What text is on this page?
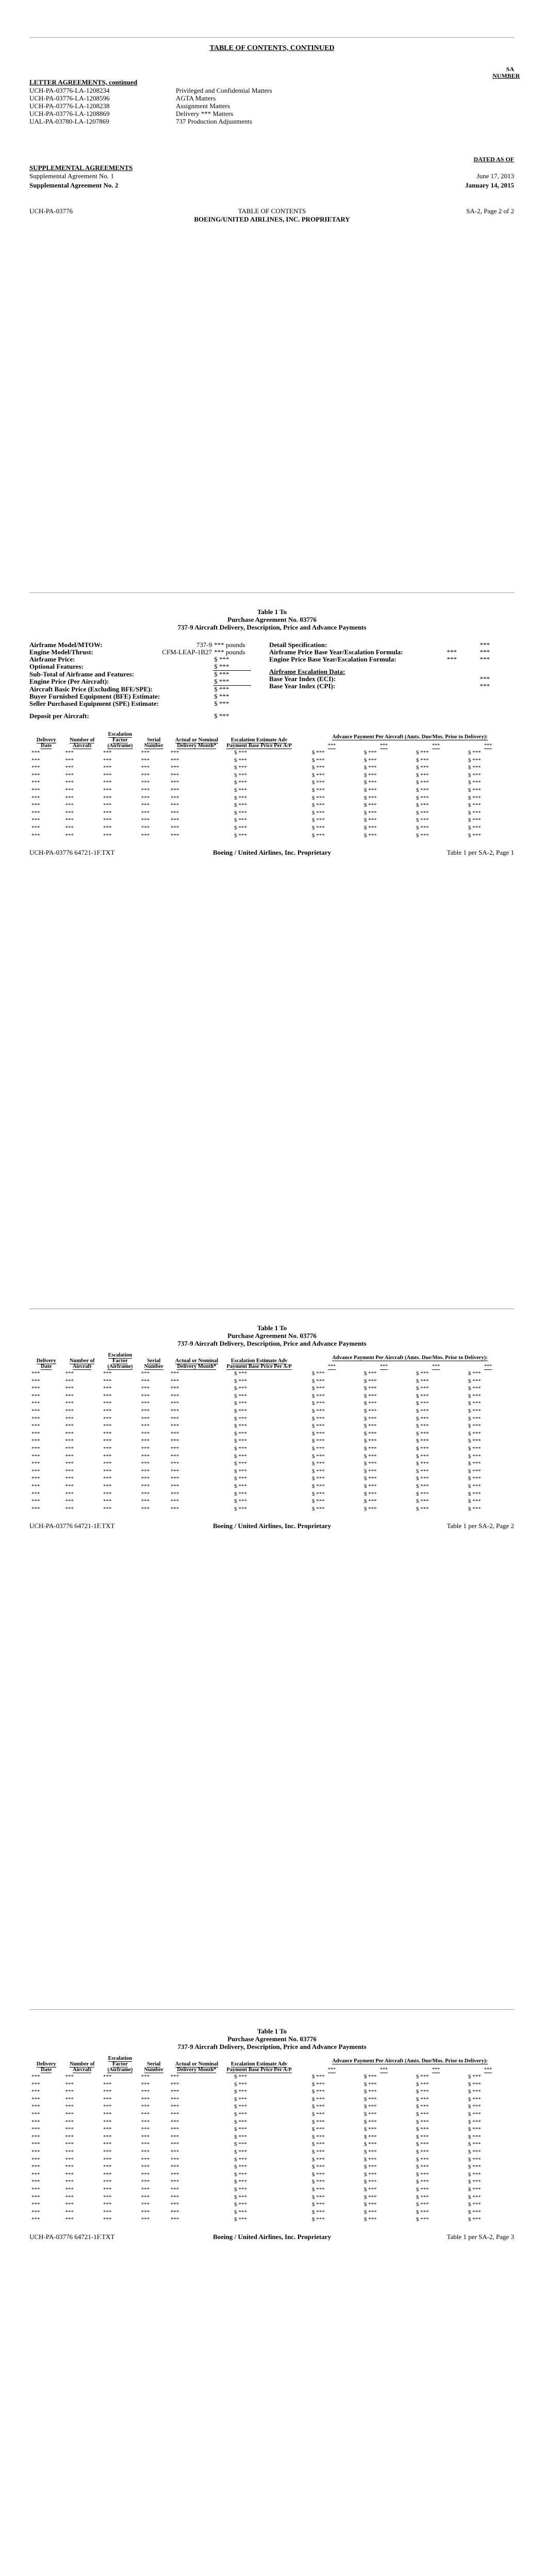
TABLE OF CONTENTS, CONTINUED
SA
NUMBER
LETTER AGREEMENTS, continued
UCH-PA-03776-LA-1208234	Privileged and Confidential Matters
UCH-PA-03776-LA-1208596	AGTA Matters
UCH-PA-03776-LA-1208238	Assignment Matters
UCH-PA-03776-LA-1208869	Delivery *** Matters
UAL-PA-03780-LA-1207869	737 Production Adjustments
DATED AS OF
SUPPLEMENTAL AGREEMENTS
Supplemental Agreement No. 1	June 17, 2013
Supplemental Agreement No. 2	January 14, 2015
UCH-PA-03776	TABLE OF CONTENTS
BOEING/UNITED AIRLINES, INC. PROPRIETARY
SA-2, Page 2 of 2
Table 1 To
Purchase Agreement No. 03776
737-9 Aircraft Delivery, Description, Price and Advance Payments
Airframe Model/MTOW:	737-9	*** pounds
Engine Model/Thrust:	CFM-LEAP-1B27	*** pounds
Airframe Price:		$ ***
Optional Features:		$ ***
Sub-Total of Airframe and Features:		$ ***
Engine Price (Per Aircraft):		$ ***
Aircraft Basic Price (Excluding BFE/SPE):		$ ***
Buyer Furnished Equipment (BFE) Estimate:		$ ***
Seller Purchased Equipment (SPE) Estimate:		$ ***

Deposit per Aircraft:		$ ***
Detail Specification:		***
Airframe Price Base Year/Escalation Formula:	***	***
Engine Price Base Year/Escalation Formula:	***	***

Airframe Escalation Data:		
Base Year Index (ECI):		***
Base Year Index (CPI):		***
Delivery Date	Number of Aircraft	Escalation Factor (Airframe)	Serial Number	Actual or Nominal Delivery Month*	Escalation Estimate Adv Payment Base Price Per A/P		Advance Payment Per Aircraft (Amts. Due/Mos. Prior to Delivery):			
							***	***	***	***
***	***	***	***	***	$ ***		$ ***	$ ***	$ ***	$ ***
***	***	***	***	***	$ ***		$ ***	$ ***	$ ***	$ ***
***	***	***	***	***	$ ***		$ ***	$ ***	$ ***	$ ***
***	***	***	***	***	$ ***		$ ***	$ ***	$ ***	$ ***
***	***	***	***	***	$ ***		$ ***	$ ***	$ ***	$ ***
***	***	***	***	***	$ ***		$ ***	$ ***	$ ***	$ ***
***	***	***	***	***	$ ***		$ ***	$ ***	$ ***	$ ***
***	***	***	***	***	$ ***		$ ***	$ ***	$ ***	$ ***
***	***	***	***	***	$ ***		$ ***	$ ***	$ ***	$ ***
***	***	***	***	***	$ ***		$ ***	$ ***	$ ***	$ ***
***	***	***	***	***	$ ***		$ ***	$ ***	$ ***	$ ***
***	***	***	***	***	$ ***		$ ***	$ ***	$ ***	$ ***
UCH-PA-03776 64721-1F.TXT	Boeing / United Airlines, Inc. Proprietary	Table 1 per SA-2, Page 1
Table 1 To
Purchase Agreement No. 03776
737-9 Aircraft Delivery, Description, Price and Advance Payments
Delivery Date	Number of Aircraft	Escalation Factor (Airframe)	Serial Number	Actual or Nominal Delivery Month*	Escalation Estimate Adv Payment Base Price Per A/P		Advance Payment Per Aircraft (Amts. Due/Mos. Prior to Delivery):			
							***	***	***	***
***	***	***	***	***	$ ***		$ ***	$ ***	$ ***	$ ***
***	***	***	***	***	$ ***		$ ***	$ ***	$ ***	$ ***
***	***	***	***	***	$ ***		$ ***	$ ***	$ ***	$ ***
***	***	***	***	***	$ ***		$ ***	$ ***	$ ***	$ ***
***	***	***	***	***	$ ***		$ ***	$ ***	$ ***	$ ***
***	***	***	***	***	$ ***		$ ***	$ ***	$ ***	$ ***
***	***	***	***	***	$ ***		$ ***	$ ***	$ ***	$ ***
***	***	***	***	***	$ ***		$ ***	$ ***	$ ***	$ ***
***	***	***	***	***	$ ***		$ ***	$ ***	$ ***	$ ***
***	***	***	***	***	$ ***		$ ***	$ ***	$ ***	$ ***
***	***	***	***	***	$ ***		$ ***	$ ***	$ ***	$ ***
***	***	***	***	***	$ ***		$ ***	$ ***	$ ***	$ ***
***	***	***	***	***	$ ***		$ ***	$ ***	$ ***	$ ***
***	***	***	***	***	$ ***		$ ***	$ ***	$ ***	$ ***
***	***	***	***	***	$ ***		$ ***	$ ***	$ ***	$ ***
***	***	***	***	***	$ ***		$ ***	$ ***	$ ***	$ ***
***	***	***	***	***	$ ***		$ ***	$ ***	$ ***	$ ***
***	***	***	***	***	$ ***		$ ***	$ ***	$ ***	$ ***
***	***	***	***	***	$ ***		$ ***	$ ***	$ ***	$ ***
UCH-PA-03776 64721-1F.TXT	Boeing / United Airlines, Inc. Proprietary	Table 1 per SA-2, Page 2
Table 1 To
Purchase Agreement No. 03776
737-9 Aircraft Delivery, Description, Price and Advance Payments
Delivery Date	Number of Aircraft	Escalation Factor (Airframe)	Serial Number	Actual or Nominal Delivery Month*	Escalation Estimate Adv Payment Base Price Per A/P		Advance Payment Per Aircraft (Amts. Due/Mos. Prior to Delivery):			
							***	***	***	***
***	***	***	***	***	$ ***		$ ***	$ ***	$ ***	$ ***
***	***	***	***	***	$ ***		$ ***	$ ***	$ ***	$ ***
***	***	***	***	***	$ ***		$ ***	$ ***	$ ***	$ ***
***	***	***	***	***	$ ***		$ ***	$ ***	$ ***	$ ***
***	***	***	***	***	$ ***		$ ***	$ ***	$ ***	$ ***
***	***	***	***	***	$ ***		$ ***	$ ***	$ ***	$ ***
***	***	***	***	***	$ ***		$ ***	$ ***	$ ***	$ ***
***	***	***	***	***	$ ***		$ ***	$ ***	$ ***	$ ***
***	***	***	***	***	$ ***		$ ***	$ ***	$ ***	$ ***
***	***	***	***	***	$ ***		$ ***	$ ***	$ ***	$ ***
***	***	***	***	***	$ ***		$ ***	$ ***	$ ***	$ ***
***	***	***	***	***	$ ***		$ ***	$ ***	$ ***	$ ***
***	***	***	***	***	$ ***		$ ***	$ ***	$ ***	$ ***
***	***	***	***	***	$ ***		$ ***	$ ***	$ ***	$ ***
***	***	***	***	***	$ ***		$ ***	$ ***	$ ***	$ ***
***	***	***	***	***	$ ***		$ ***	$ ***	$ ***	$ ***
***	***	***	***	***	$ ***		$ ***	$ ***	$ ***	$ ***
***	***	***	***	***	$ ***		$ ***	$ ***	$ ***	$ ***
***	***	***	***	***	$ ***		$ ***	$ ***	$ ***	$ ***
***	***	***	***	***	$ ***		$ ***	$ ***	$ ***	$ ***
UCH-PA-03776 64721-1F.TXT	Boeing / United Airlines, Inc. Proprietary	Table 1 per SA-2, Page 3
